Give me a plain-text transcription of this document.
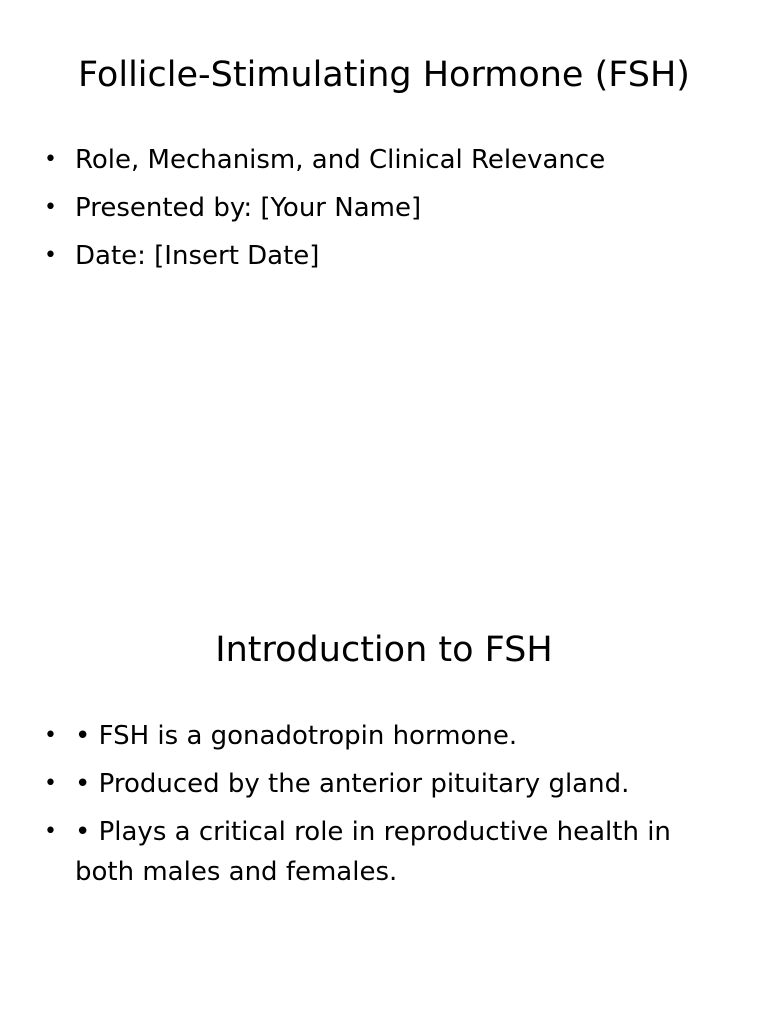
Follicle-Stimulating Hormone (FSH)
• Role, Mechanism, and Clinical Relevance
• Presented by: [Your Name]
• Date: [Insert Date]
Introduction to FSH
• • FSH is a gonadotropin hormone.
• • Produced by the anterior pituitary gland.
• • Plays a critical role in reproductive health in both males and females.
